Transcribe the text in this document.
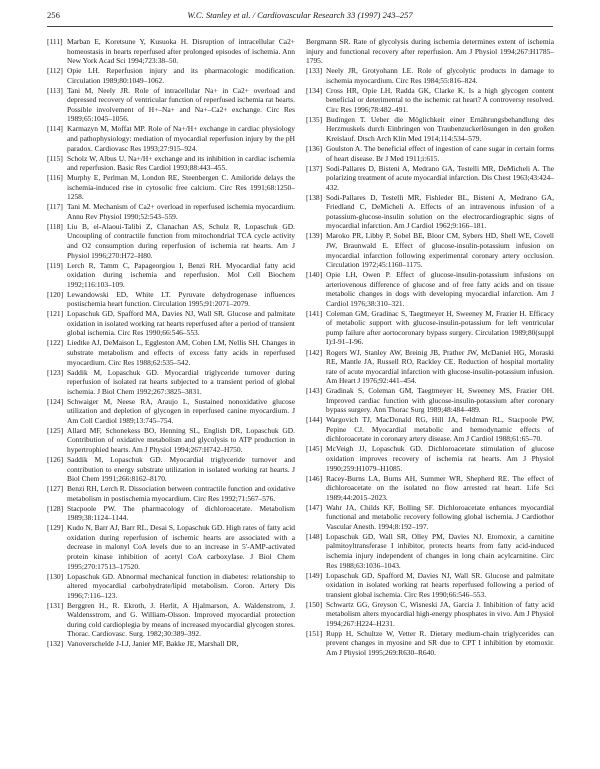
256	W.C. Stanley et al. / Cardiovascular Research 33 (1997) 243–257
[111] Marban E, Koretsune Y, Kusuoka H. Disruption of intracellular Ca2+ homeostasis in hearts reperfused after prolonged episodes of ischemia. Ann New York Acad Sci 1994;723:38–50.
[112] Opie LH. Reperfusion injury and its pharmacologic modification. Circulation 1989;80:1049–1062.
[113] Tani M, Neely JR. Role of intracellular Na+ in Ca2+ overload and depressed recovery of ventricular function of reperfused ischemia rat hearts. Possible involvement of H+–Na+ and Na+–Ca2+ exchange. Circ Res 1989;65:1045–1056.
[114] Karmazyn M, Moffat MP. Role of Na+/H+ exchange in cardiac physiology and pathophysiology: mediation of myocardial reperfusion injury by the pH paradox. Cardiovasc Res 1993;27:915–924.
[115] Scholz W, Albus U. Na+/H+ exchange and its inhibition in cardiac ischemia and reperfusion. Basic Res Cardiol 1993;88:443–455.
[116] Murphy E, Perlman M, London RE, Steenbergen C. Amiloride delays the ischemia-induced rise in cytosolic free calcium. Circ Res 1991;68:1250–1258.
[117] Tani M. Mechanism of Ca2+ overload in reperfused ischemia myocardium. Annu Rev Physiol 1990;52:543–559.
[118] Liu B, el-Alaoui-Talibi Z, Clanachan AS, Schulz R, Lopaschuk GD. Uncoupling of contractile function from mitochondrial TCA cycle activity and O2 consumption during reperfusion of ischemia rat hearts. Am J Physiol 1996;270:H72–H80.
[119] Lerch R, Tamm C, Papageorgiou I, Benzi RH. Myocardial fatty acid oxidation during ischemia and reperfusion. Mol Cell Biochem 1992;116:103–109.
[120] Lewandowski ED, White LT. Pyruvate dehydrogenase influences postischemia heart function. Circulation 1995;91:2071–2079.
[121] Lopaschuk GD, Spafford MA, Davies NJ, Wall SR. Glucose and palmitate oxidation in isolated working rat hearts reperfused after a period of transient global ischemia. Circ Res 1990;66:546–553.
[122] Liedtke AJ, DeMaison L, Eggleston AM, Cohen LM, Nellis SH. Changes in substrate metabolism and effects of excess fatty acids in reperfused myocardium. Circ Res 1988;62:535–542.
[123] Saddik M, Lopaschuk GD. Myocardial triglyceride turnover during reperfusion of isolated rat hearts subjected to a transient period of global ischemia. J Biol Chem 1992;267:3825–3831.
[124] Schwaiger M, Neese RA, Araujo L, Sustained nonoxidative glucose utilization and depletion of glycogen in reperfused canine myocardium. J Am Coll Cardiol 1989;13:745–754.
[125] Allard MF, Schonekess BO, Henning SL, English DR, Lopaschuk GD. Contribution of oxidative metabolism and glycolysis to ATP production in hypertrophied hearts. Am J Physiol 1994;267:H742–H750.
[126] Saddik M, Lopaschuk GD. Myocardial triglyceride turnover and contribution to energy substrate utilization in isolated working rat hearts. J Biol Chem 1991;266:8162–8170.
[127] Benzi RH, Lerch R. Dissociation between contractile function and oxidative metabolism in postischemia myocardium. Circ Res 1992;71:567–576.
[128] Stacpoole PW. The pharmacology of dichloroacetate. Metabolism 1989;38:1124–1144.
[129] Kudo N, Barr AJ, Barr RL, Desai S, Lopaschuk GD. High rates of fatty acid oxidation during reperfusion of ischemic hearts are associated with a decrease in malonyl CoA levels due to an increase in 5'-AMP-activated protein kinase inhibition of acetyl CoA carboxylase. J Biol Chem 1995;270:17513–17520.
[130] Lopaschuk GD. Abnormal mechanical function in diabetes: relationship to altered myocardial carbohydrate/lipid metabolism. Coron. Artery Dis 1996;7:116–123.
[131] Berggren H., R. Ekroth, J. Herlit, A Hjalmarson, A. Waldenstrom, J. Waldensstrom, and G. William-Olsson. Improved myocardial protection during cold cardioplegia by means of increased myocardial glycogen stores. Thorac. Cardiovasc. Surg. 1982;30:389–392.
[132] Vanoverschelde J-LJ, Janier MF, Bakke JE, Marshall DR,
Bergmann SR. Rate of glycolysis during ischemia determines extent of ischemia injury and functional recovery after reperfusion. Am J Physiol 1994;267:H1785–1795.
[133] Neely JR, Grotyohann LE. Role of glycolytic products in damage to ischemia myocardium. Circ Res 1984;55:816–824.
[134] Cross HR, Opie LH, Radda GK, Clarke K. Is a high glycogen content beneficial or deterimental to the ischemic rat heart? A controversy resolved. Circ Res 1996;78:482–491.
[135] Budingen T. Ueber die Möglichkeit einer Ernährungsbehandlung des Herzmuskels durch Einbringen von Traubenzuckerlösungen in den großen Kreislauf. Dtsch Arch Klin Med 1914;114:534–579.
[136] Goulston A. The beneficial effect of ingestion of cane sugar in certain forms of heart disease. Br J Med 1911;i:615.
[137] Sodi-Pallares D, Bisteni A, Medrano GA, Testelli MR, DeMicheli A. The polarizing treatment of acute myocardial infarction. Dis Chest 1963;43:424–432.
[138] Sodi-Pallares D, Testelli MR, Fishleder BL, Bisteni A, Medrano GA, Friedland C, DeMicheli A. Effects of an intravenous infusion of a potassium-glucose-insulin solution on the electrocardiographic signs of myocardial infarction. Am J Cardiol 1962;9:166–181.
[139] Maroko PR, Libby P, Sobel BE, Bloor CM, Sybers HD, Shell WE, Covell JW, Braunwald E. Effect of glucose-insulin-potassium infusion on myocardial infarction following experimental coronary artery occlusion. Circulation 1972;45:1160–1175.
[140] Opie LH, Owen P. Effect of glucose-insulin-potassium infusions on arteriovenous difference of glucose and of free fatty acids and on tissue metabolic changes in dogs with developing myocardial infarction. Am J Cardiol 1976;38:310–321.
[141] Coleman GM, Gradinac S, Taegtmeyer H, Sweeney M, Frazier H. Efficacy of metabolic support with glucose-insulin-potassium for left ventricular pump failure after aortocoronary bypass surgery. Circulation 1989;80(suppl I):I-91–I-96.
[142] Rogers WJ, Stanley AW, Breinig JB, Prather JW, McDaniel HG, Moraski RE, Mantle JA, Russell RO, Rackley CE. Reduction of hospital mortality rate of acute myocardial infarction with glucose-insulin-potassium infusion. Am Heart J 1976;92:441–454.
[143] Gradinak S, Coleman GM, Taegtmeyer H, Sweeney MS, Frazier OH. Improved cardiac function with glucose-insulin-potassium after coronary bypass surgery. Ann Thorac Surg 1989;48:484–489.
[144] Wargovich TJ, MacDonald RG, Hill JA, Feldman RL, Stacpoole PW, Pepine CJ. Myocardial metabolic and hemodynamic effects of dichloroacetate in coronary artery disease. Am J Cardiol 1988;61:65–70.
[145] McVeigh JJ, Lopaschuk GD. Dichloroacetate stimulation of glucose oxidation improves recovery of ischemia rat hearts. Am J Physiol 1990;259:H1079–H1085.
[146] Racey-Burns LA, Burns AH, Summer WR, Shepherd RE. The effect of dichloroacetate on the isolated no flow arrested rat heart. Life Sci 1989;44:2015–2023.
[147] Wahr JA, Childs KF, Bolling SF. Dichloroacetate enhances myocardial functional and metabolic recovery following global ischemia. J Cardiothor Vascular Anesth. 1994;8:192–197.
[148] Lopaschuk GD, Wall SR, Olley PM, Davies NJ. Etomoxir, a carnitine palmitoyltransferase I inhibitor, protects hearts from fatty acid-induced ischemia injury independent of changes in long chain acylcarnitine. Circ Res 1988;63:1036–1043.
[149] Lopaschuk GD, Spafford M, Davies NJ, Wall SR. Glucose and palmitate oxidation in isolated working rat hearts reperfused following a period of transient global ischemia. Circ Res 1990;66:546–553.
[150] Schwartz GG, Greyson C, Wisneski JA, Garcia J. Inhibition of fatty acid metabolism alters myocardial high-energy phosphates in vivo. Am J Physiol 1994;267:H224–H231.
[151] Rupp H, Schultze W, Vetter R. Dietary medium-chain triglycerides can prevent changes in myosine and SR due to CPT I inhibition by etomoxir. Am J Physiol 1995;269:R630–R640.
